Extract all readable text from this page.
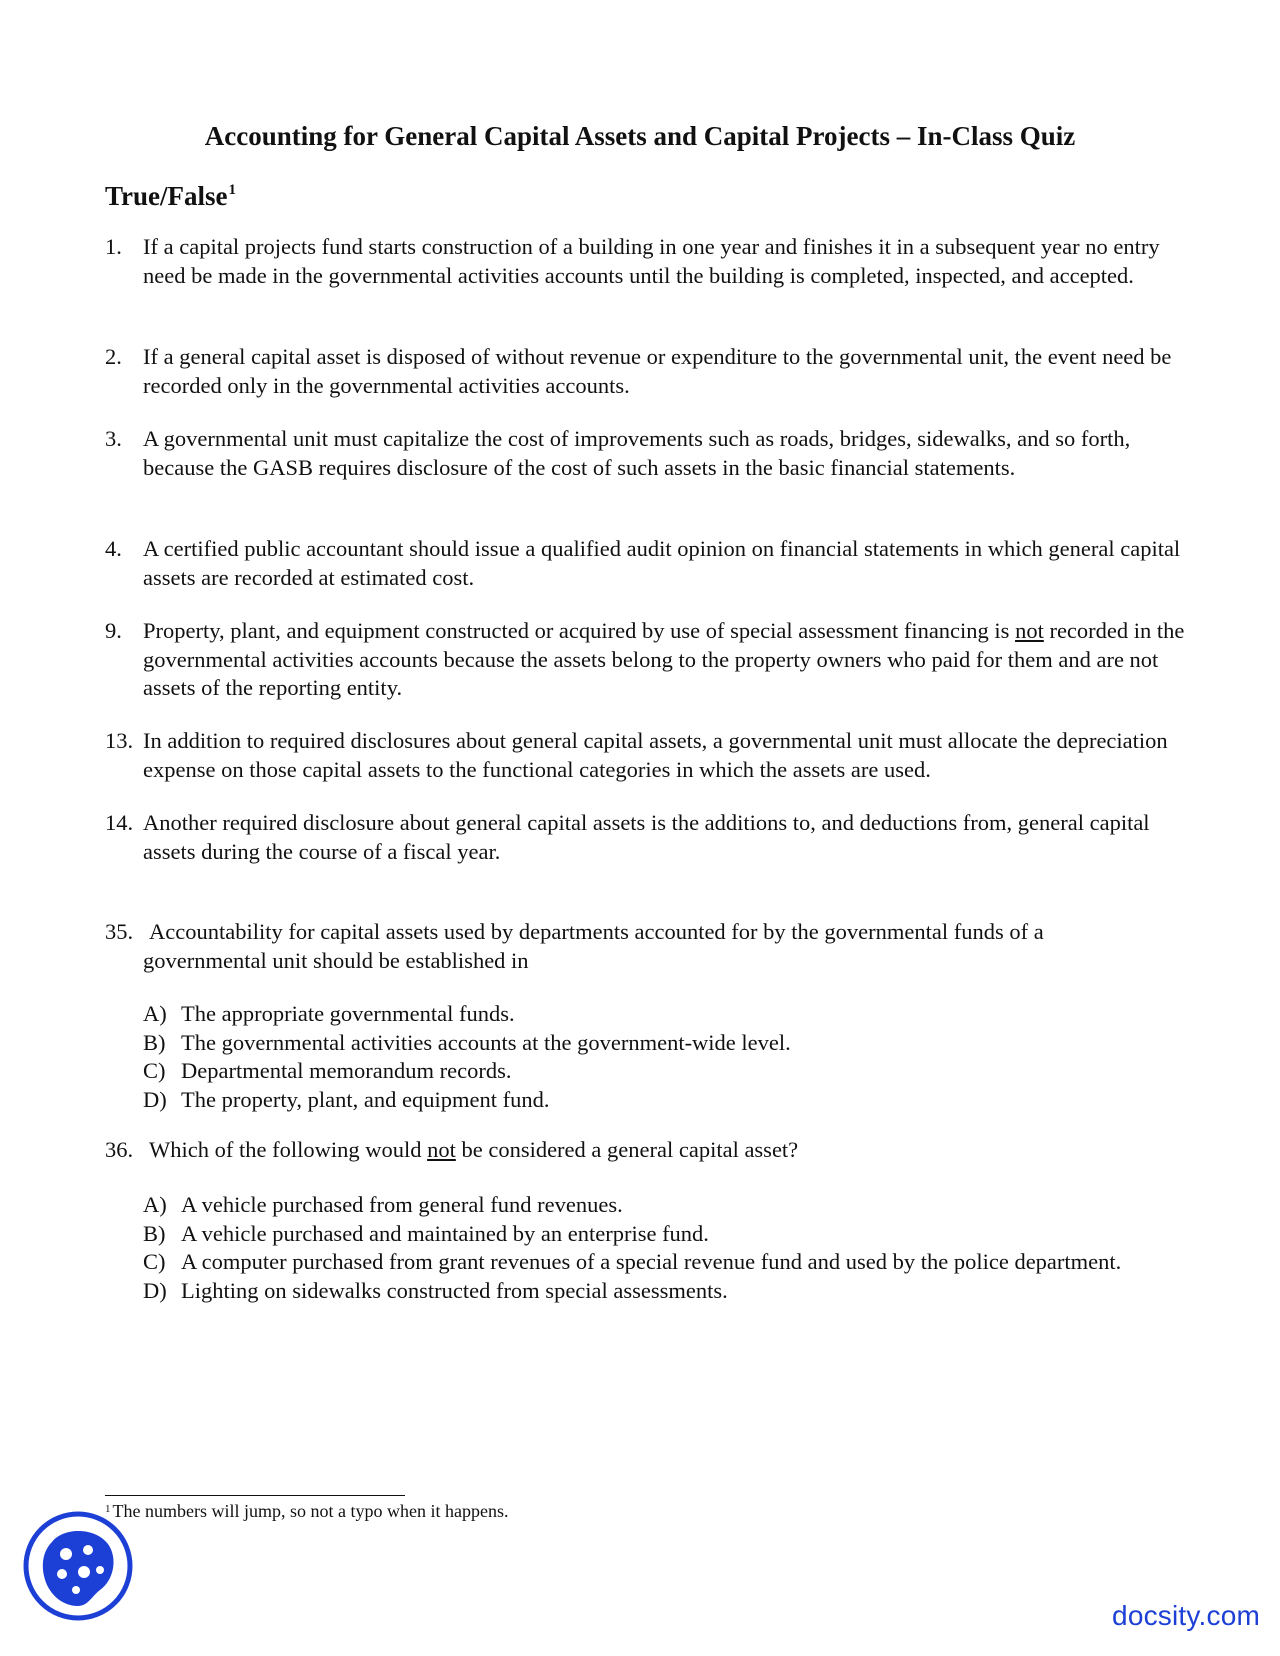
Accounting for General Capital Assets and Capital Projects – In-Class Quiz
True/False$^1$
1. If a capital projects fund starts construction of a building in one year and finishes it in a subsequent year no entry need be made in the governmental activities accounts until the building is completed, inspected, and accepted.
2. If a general capital asset is disposed of without revenue or expenditure to the governmental unit, the event need be recorded only in the governmental activities accounts.
3. A governmental unit must capitalize the cost of improvements such as roads, bridges, sidewalks, and so forth, because the GASB requires disclosure of the cost of such assets in the basic financial statements.
4. A certified public accountant should issue a qualified audit opinion on financial statements in which general capital assets are recorded at estimated cost.
9. Property, plant, and equipment constructed or acquired by use of special assessment financing is not recorded in the governmental activities accounts because the assets belong to the property owners who paid for them and are not assets of the reporting entity.
13. In addition to required disclosures about general capital assets, a governmental unit must allocate the depreciation expense on those capital assets to the functional categories in which the assets are used.
14. Another required disclosure about general capital assets is the additions to, and deductions from, general capital assets during the course of a fiscal year.
35. Accountability for capital assets used by departments accounted for by the governmental funds of a
governmental unit should be established in
A) The appropriate governmental funds.
B) The governmental activities accounts at the government-wide level.
C) Departmental memorandum records.
D) The property, plant, and equipment fund.
36. Which of the following would not be considered a general capital asset?
A) A vehicle purchased from general fund revenues.
B) A vehicle purchased and maintained by an enterprise fund.
C) A computer purchased from grant revenues of a special revenue fund and used by the police department.
D) Lighting on sidewalks constructed from special assessments.
$^1$ The numbers will jump, so not a typo when it happens.
docsity.com
